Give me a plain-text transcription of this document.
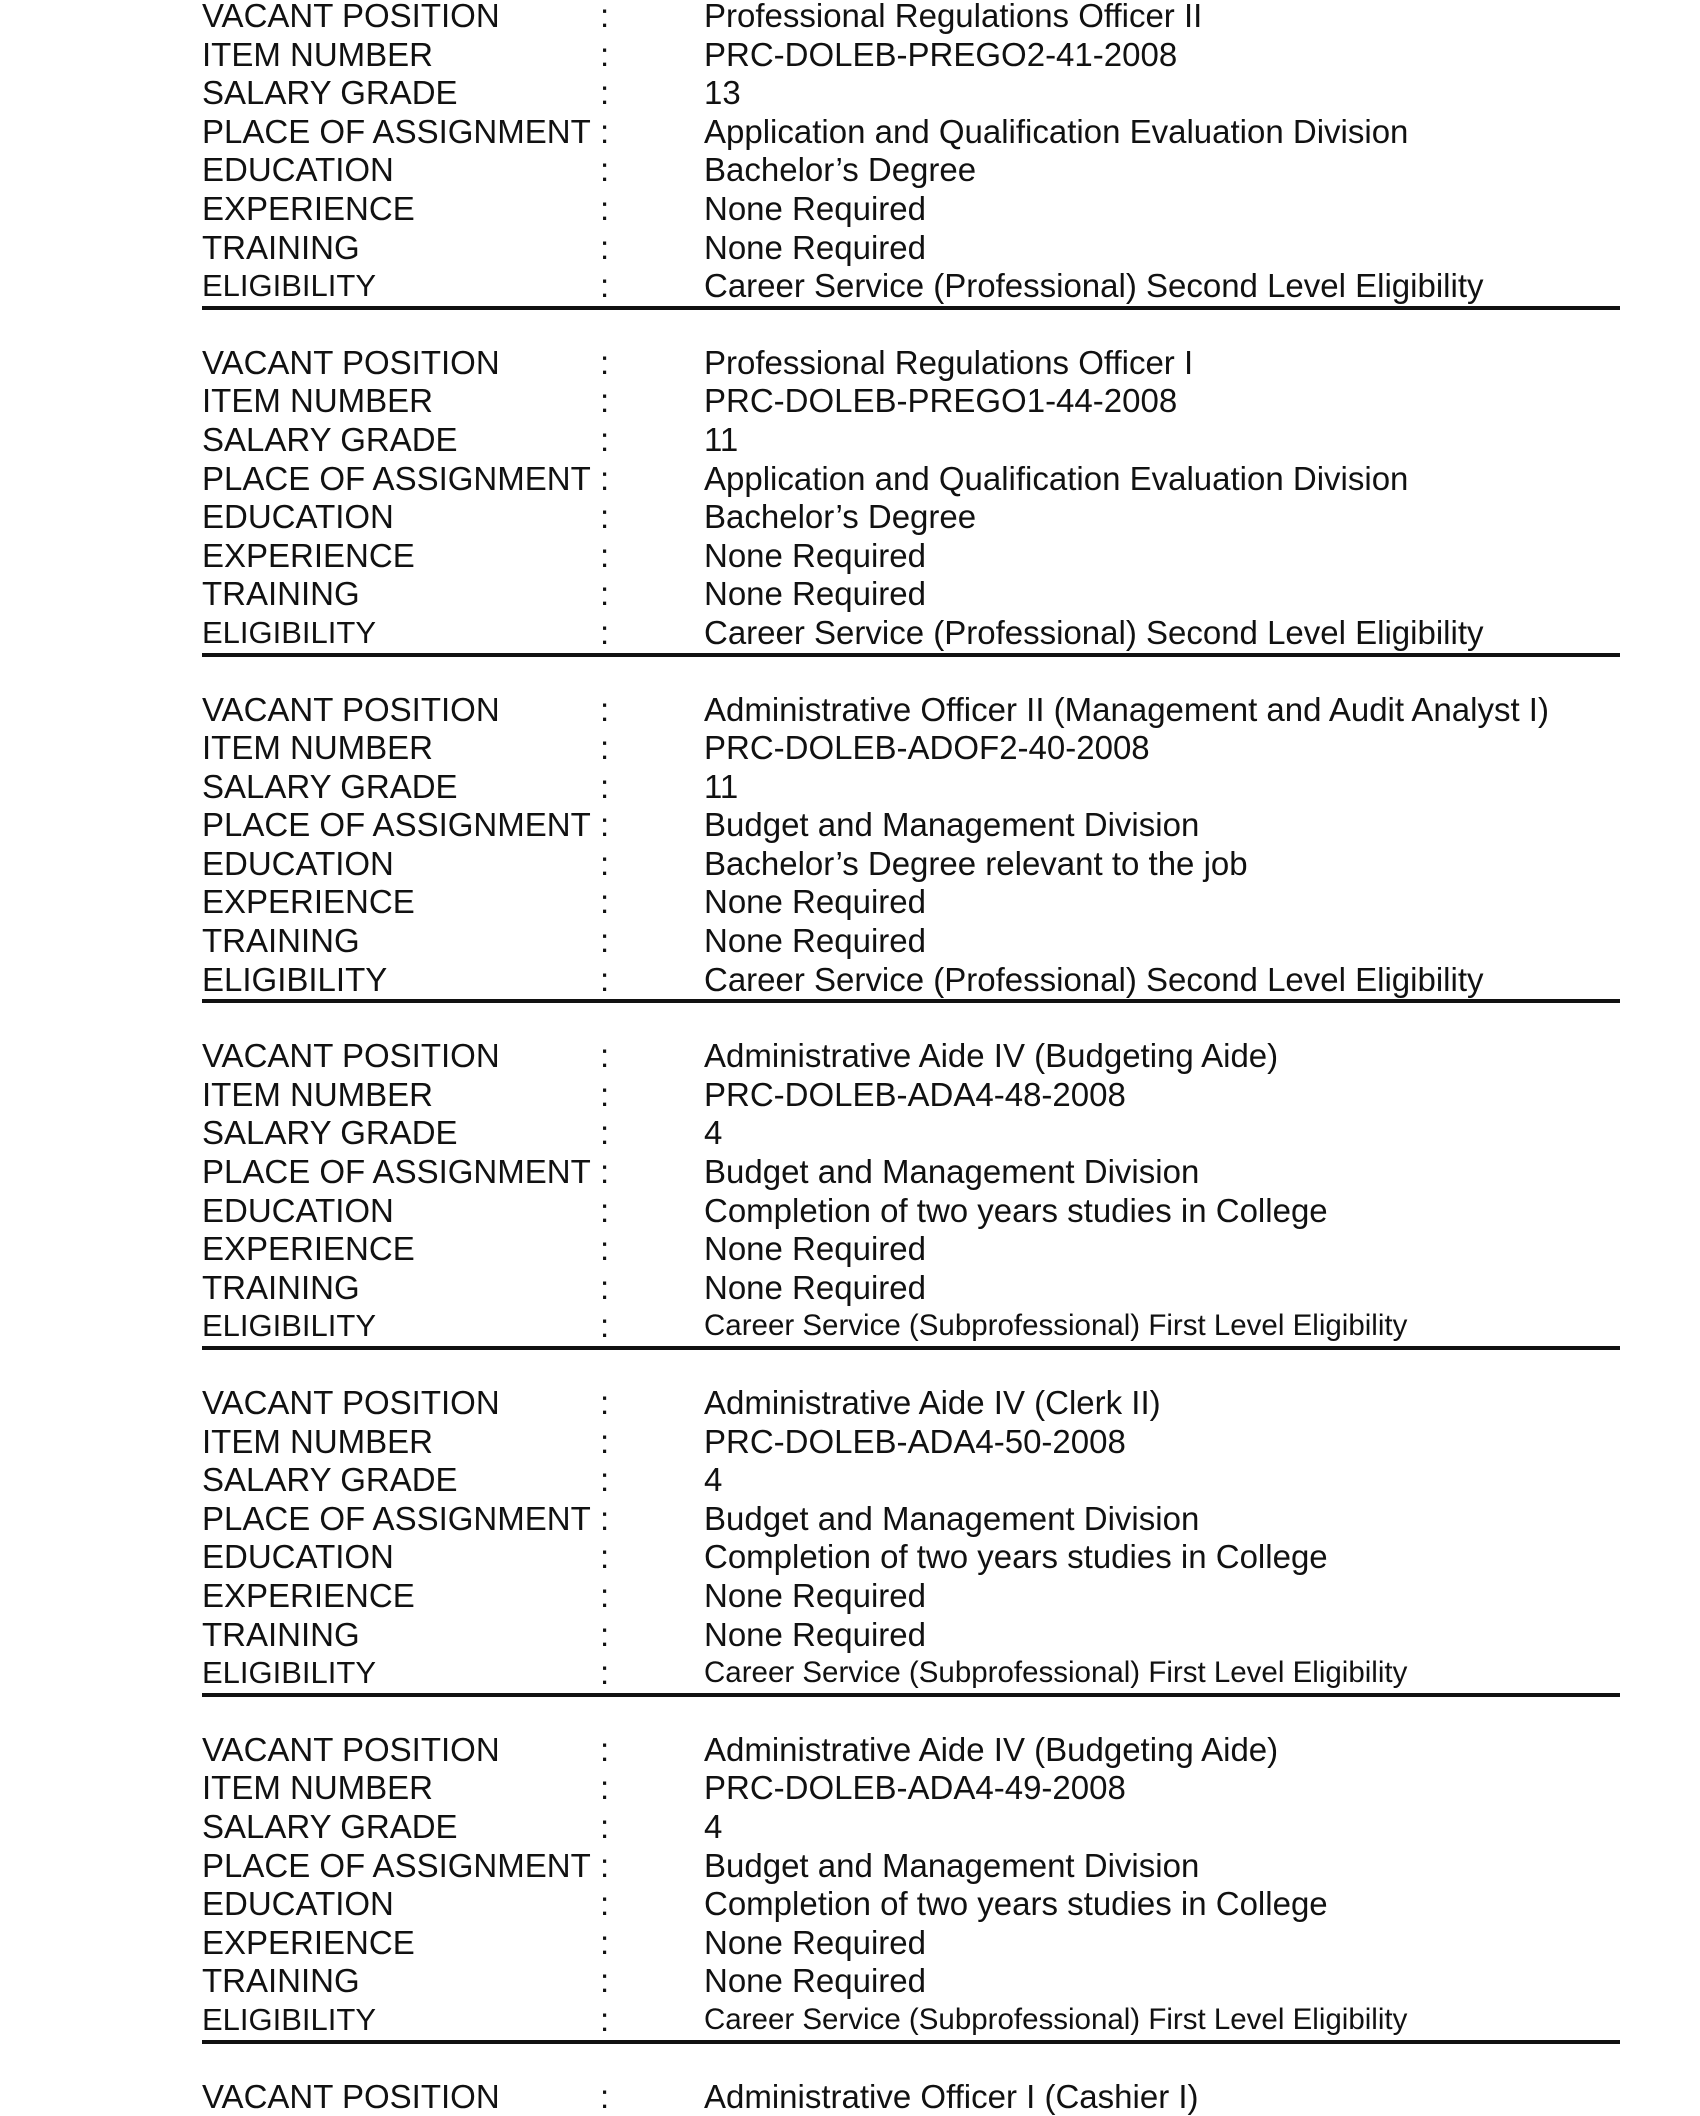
VACANT POSITION	:	Professional Regulations Officer II
ITEM NUMBER	:	PRC-DOLEB-PREGO2-41-2008
SALARY GRADE	:	13
PLACE OF ASSIGNMENT :	Application and Qualification Evaluation Division
EDUCATION	:	Bachelor’s Degree
EXPERIENCE	:	None Required
TRAINING	:	None Required
ELIGIBILITY	:	Career Service (Professional) Second Level Eligibility
VACANT POSITION	:	Professional Regulations Officer I
ITEM NUMBER	:	PRC-DOLEB-PREGO1-44-2008
SALARY GRADE	:	11
PLACE OF ASSIGNMENT :	Application and Qualification Evaluation Division
EDUCATION	:	Bachelor’s Degree
EXPERIENCE	:	None Required
TRAINING	:	None Required
ELIGIBILITY	:	Career Service (Professional) Second Level Eligibility
VACANT POSITION	:	Administrative Officer II (Management and Audit Analyst I)
ITEM NUMBER	:	PRC-DOLEB-ADOF2-40-2008
SALARY GRADE	:	11
PLACE OF ASSIGNMENT :	Budget and Management Division
EDUCATION	:	Bachelor’s Degree relevant to the job
EXPERIENCE	:	None Required
TRAINING	:	None Required
ELIGIBILITY	:	Career Service (Professional) Second Level Eligibility
VACANT POSITION	:	Administrative Aide IV (Budgeting Aide)
ITEM NUMBER	:	PRC-DOLEB-ADA4-48-2008
SALARY GRADE	:	4
PLACE OF ASSIGNMENT :	Budget and Management Division
EDUCATION	:	Completion of two years studies in College
EXPERIENCE	:	None Required
TRAINING	:	None Required
ELIGIBILITY	:	Career Service (Subprofessional) First Level Eligibility
VACANT POSITION	:	Administrative Aide IV (Clerk II)
ITEM NUMBER	:	PRC-DOLEB-ADA4-50-2008
SALARY GRADE	:	4
PLACE OF ASSIGNMENT :	Budget and Management Division
EDUCATION	:	Completion of two years studies in College
EXPERIENCE	:	None Required
TRAINING	:	None Required
ELIGIBILITY	:	Career Service (Subprofessional) First Level Eligibility
VACANT POSITION	:	Administrative Aide IV (Budgeting Aide)
ITEM NUMBER	:	PRC-DOLEB-ADA4-49-2008
SALARY GRADE	:	4
PLACE OF ASSIGNMENT :	Budget and Management Division
EDUCATION	:	Completion of two years studies in College
EXPERIENCE	:	None Required
TRAINING	:	None Required
ELIGIBILITY	:	Career Service (Subprofessional) First Level Eligibility
VACANT POSITION	:	Administrative Officer I (Cashier I)
